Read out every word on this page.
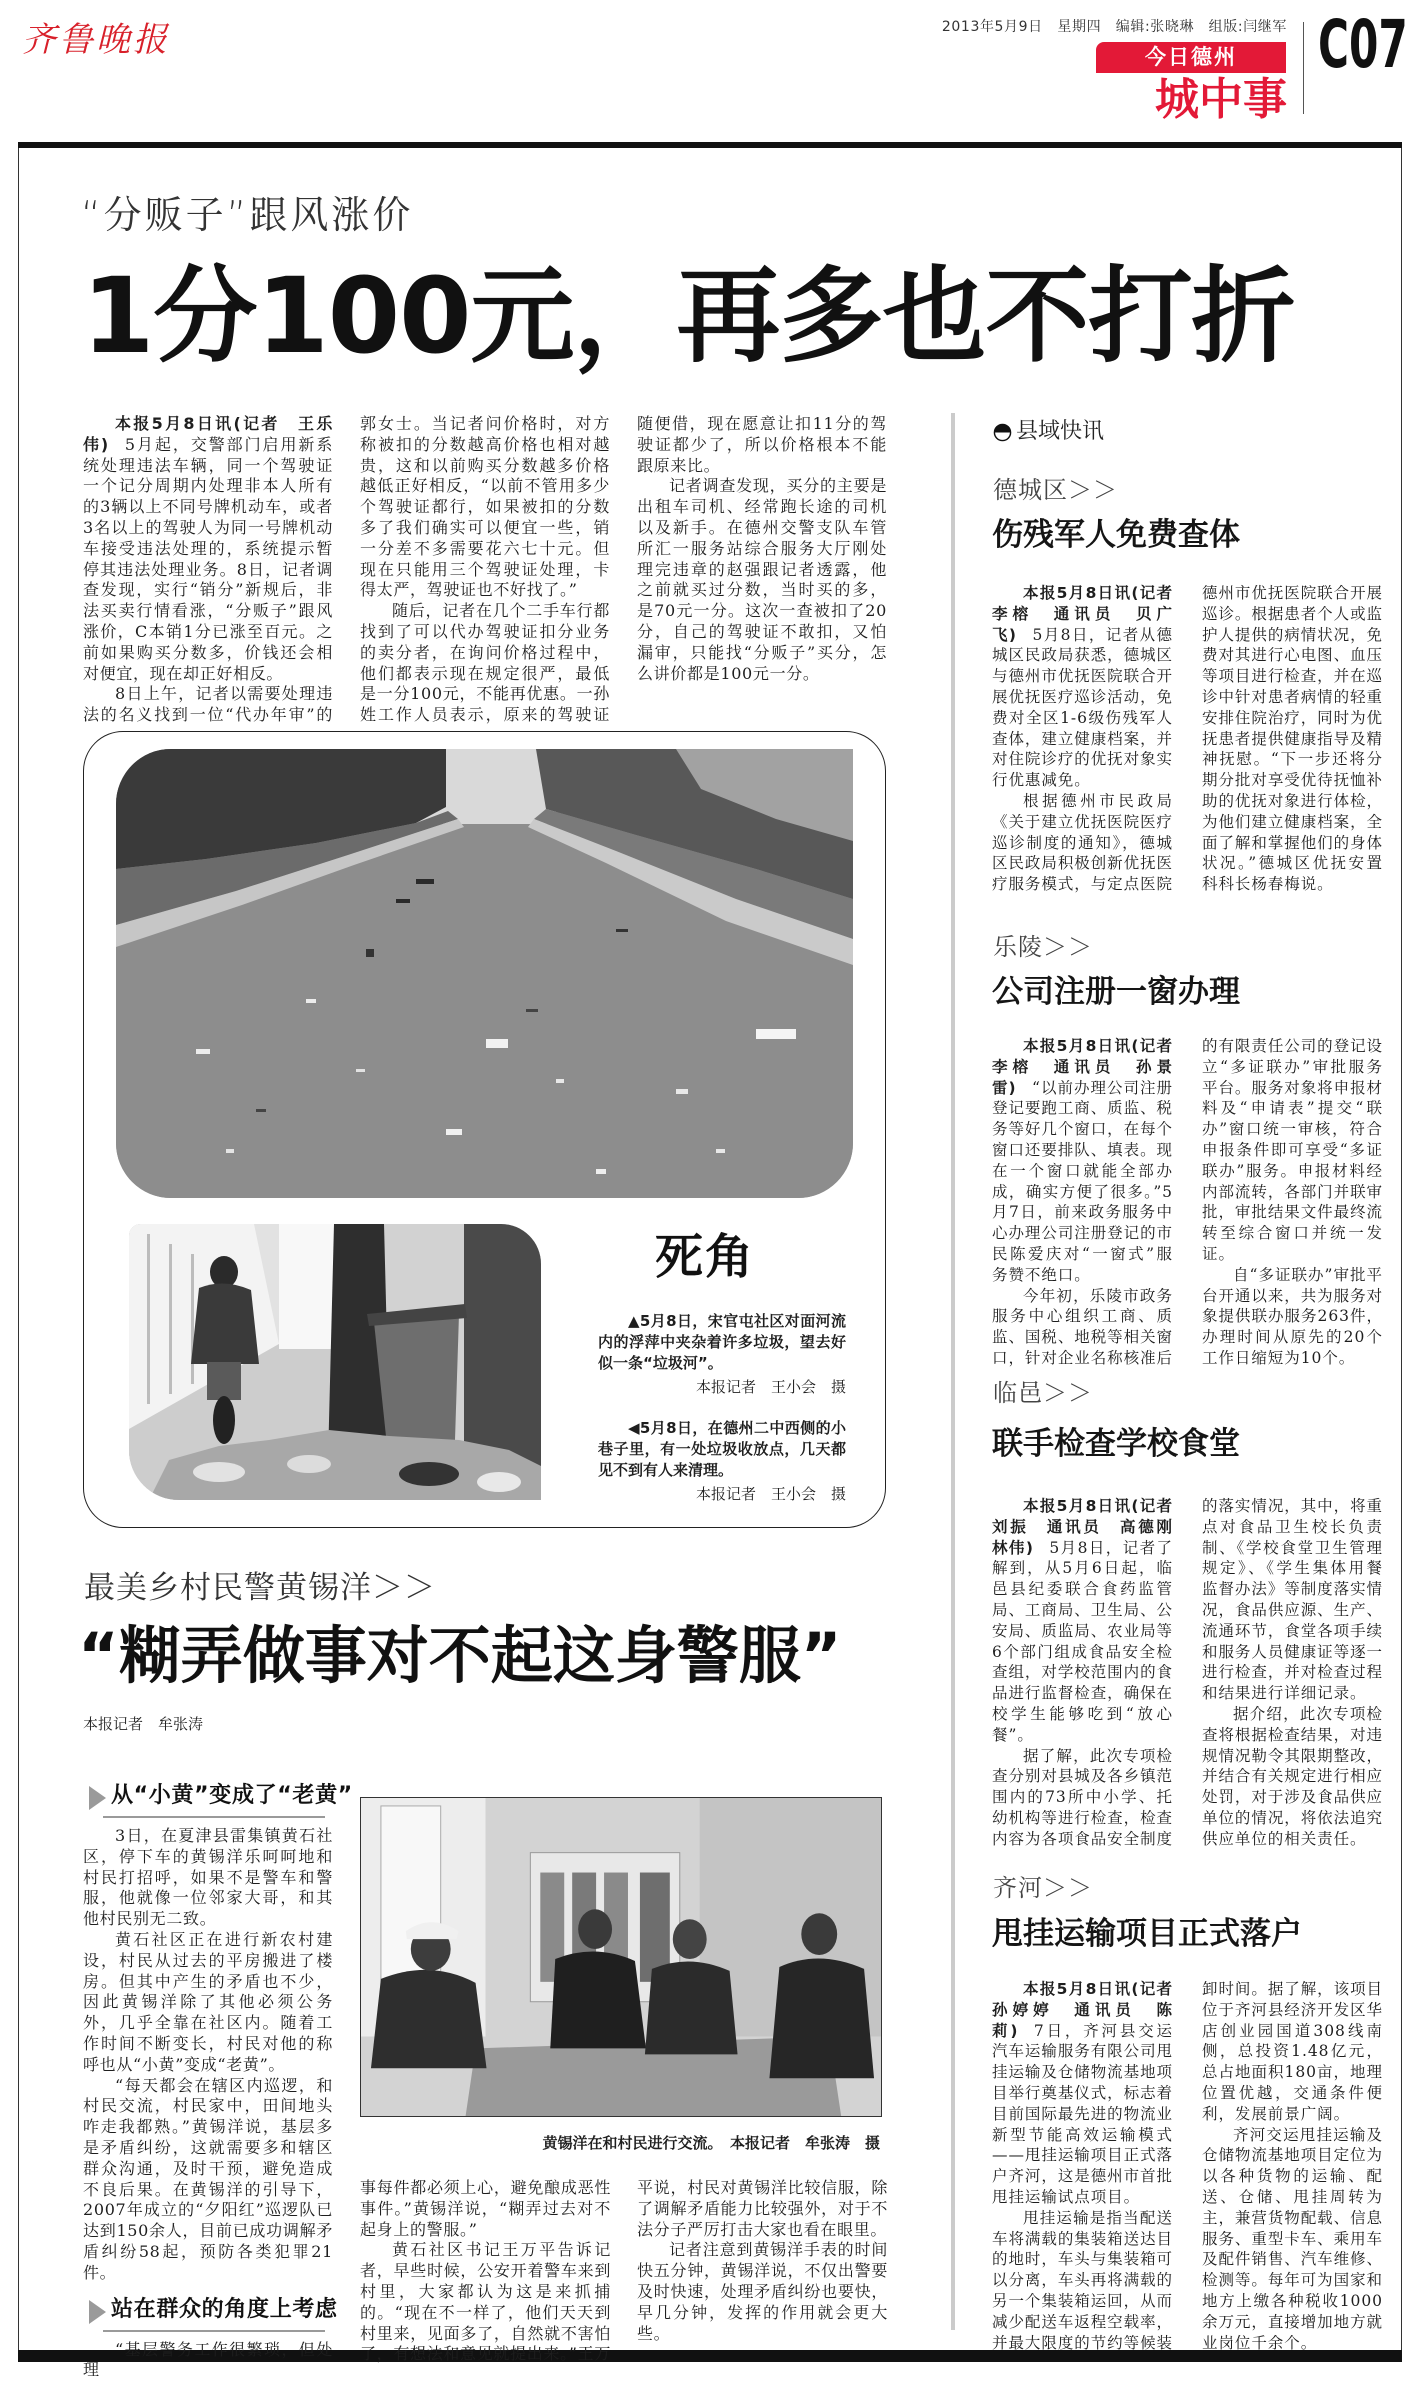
齐鲁晚报	2013年5月9日　星期四　编辑:张晓琳　组版:闫继军
今日德州
城中事
C07
“分贩子”跟风涨价
1分100元，再多也不打折

本报5月8日讯(记者　王乐伟) 5月起，交警部门启用新系统处理违法车辆，同一个驾驶证一个记分周期内处理非本人所有的3辆以上不同号牌机动车，或者3名以上的驾驶人为同一号牌机动车接受违法处理的，系统提示暂停其违法处理业务。8日，记者调查发现，实行“销分”新规后，非法买卖行情看涨，“分贩子”跟风涨价，C本销1分已涨至百元。之前如果购买分数多，价钱还会相对便宜，现在却正好相反。

8日上午，记者以需要处理违法的名义找到一位“代办年审”的郭女士。当记者问价格时，对方称被扣的分数越高价格也相对越贵，这和以前购买分数越多价格越低正好相反，“以前不管用多少个驾驶证都行，如果被扣的分数多了我们确实可以便宜一些，销一分差不多需要花六七十元。但现在只能用三个驾驶证处理，卡得太严，驾驶证也不好找了。”

随后，记者在几个二手车行都找到了可以代办驾驶证扣分业务的卖分者，在询问价格过程中，他们都表示现在规定很严，最低是一分100元，不能再优惠。一孙姓工作人员表示，原来的驾驶证随便借，现在愿意让扣11分的驾驶证都少了，所以价格根本不能跟原来比。

记者调查发现，买分的主要是出租车司机、经常跑长途的司机以及新手。在德州交警支队车管所汇一服务站综合服务大厅刚处理完违章的赵强跟记者透露，他之前就买过分数，当时买的多，是70元一分。这次一查被扣了20分，自己的驾驶证不敢扣，又怕漏审，只能找“分贩子”买分，怎么讲价都是100元一分。

死角

▲5月8日，宋官屯社区对面河流内的浮萍中夹杂着许多垃圾，望去好似一条“垃圾河”。

本报记者　王小会　摄

◀5月8日，在德州二中西侧的小巷子里，有一处垃圾收放点，几天都见不到有人来清理。

本报记者　王小会　摄
最美乡村民警黄锡洋＞＞
“糊弄做事对不起这身警服”
本报记者　牟张涛
从“小黄”变成了“老黄”

3日，在夏津县雷集镇黄石社区，停下车的黄锡洋乐呵呵地和村民打招呼，如果不是警车和警服，他就像一位邻家大哥，和其他村民别无二致。

黄石社区正在进行新农村建设，村民从过去的平房搬进了楼房。但其中产生的矛盾也不少，因此黄锡洋除了其他必须公务外，几乎全靠在社区内。随着工作时间不断变长，村民对他的称呼也从“小黄”变成“老黄”。

“每天都会在辖区内巡逻，和村民交流，村民家中，田间地头咋走我都熟。”黄锡洋说，基层多是矛盾纠纷，这就需要多和辖区群众沟通，及时干预，避免造成不良后果。在黄锡洋的引导下，2007年成立的“夕阳红”巡逻队已达到150余人，目前已成功调解矛盾纠纷58起，预防各类犯罪21件。

站在群众的角度上考虑

“基层警务工作很繁琐，但处理

黄锡洋在和村民进行交流。　本报记者　牟张涛　摄

事每件都必须上心，避免酿成恶性事件。”黄锡洋说，“糊弄过去对不起身上的警服。”

黄石社区书记王万平告诉记者，早些时候，公安开着警车来到村里，大家都认为这是来抓捕的。“现在不一样了，他们天天到村里来，见面多了，自然就不害怕了，有想法和意见就提出来。”王万平说，村民对黄锡洋比较信服，除了调解矛盾能力比较强外，对于不法分子严厉打击大家也看在眼里。

记者注意到黄锡洋手表的时间快五分钟，黄锡洋说，不仅出警要及时快速，处理矛盾纠纷也要快，早几分钟，发挥的作用就会更大些。

县域快讯
德城区＞＞
伤残军人免费查体

本报5月8日讯(记者　李榕　通讯员　贝广飞) 5月8日，记者从德城区民政局获悉，德城区与德州市优抚医院联合开展优抚医疗巡诊活动，免费对全区1-6级伤残军人查体，建立健康档案，并对住院诊疗的优抚对象实行优惠减免。

根据德州市民政局《关于建立优抚医院医疗巡诊制度的通知》，德城区民政局积极创新优抚医疗服务模式，与定点医院德州市优抚医院联合开展巡诊。根据患者个人或监护人提供的病情状况，免费对其进行心电图、血压等项目进行检查，并在巡诊中针对患者病情的轻重安排住院治疗，同时为优抚患者提供健康指导及精神抚慰。“下一步还将分期分批对享受优待抚恤补助的优抚对象进行体检，为他们建立健康档案，全面了解和掌握他们的身体状况。”德城区优抚安置科科长杨春梅说。

乐陵＞＞
公司注册一窗办理

本报5月8日讯(记者　李榕　通讯员　孙景雷) “以前办理公司注册登记要跑工商、质监、税务等好几个窗口，在每个窗口还要排队、填表。现在一个窗口就能全部办成，确实方便了很多。”5月7日，前来政务服务中心办理公司注册登记的市民陈爱庆对“一窗式”服务赞不绝口。

今年初，乐陵市政务服务中心组织工商、质监、国税、地税等相关窗口，针对企业名称核准后的有限责任公司的登记设立“多证联办”审批服务平台。服务对象将申报材料及“申请表”提交“联办”窗口统一审核，符合申报条件即可享受“多证联办”服务。申报材料经内部流转，各部门并联审批，审批结果文件最终流转至综合窗口并统一发证。

自“多证联办”审批平台开通以来，共为服务对象提供联办服务263件，办理时间从原先的20个工作日缩短为10个。

临邑＞＞
联手检查学校食堂

本报5月8日讯(记者　刘振　通讯员　高德刚　林伟) 5月8日，记者了解到，从5月6日起，临邑县纪委联合食药监管局、工商局、卫生局、公安局、质监局、农业局等6个部门组成食品安全检查组，对学校范围内的食品进行监督检查，确保在校学生能够吃到“放心餐”。

据了解，此次专项检查分别对县城及各乡镇范围内的73所中小学、托幼机构等进行检查，检查内容为各项食品安全制度的落实情况，其中，将重点对食品卫生校长负责制、《学校食堂卫生管理规定》、《学生集体用餐监督办法》等制度落实情况，食品供应源、生产、流通环节，食堂各项手续和服务人员健康证等逐一进行检查，并对检查过程和结果进行详细记录。

据介绍，此次专项检查将根据检查结果，对违规情况勒令其限期整改，并结合有关规定进行相应处罚，对于涉及食品供应单位的情况，将依法追究供应单位的相关责任。

齐河＞＞
甩挂运输项目正式落户

本报5月8日讯(记者　孙婷婷　通讯员　陈莉) 7日，齐河县交运汽车运输服务有限公司甩挂运输及仓储物流基地项目举行奠基仪式，标志着目前国际最先进的物流业新型节能高效运输模式——甩挂运输项目正式落户齐河，这是德州市首批甩挂运输试点项目。

甩挂运输是指当配送车将满载的集装箱送达目的地时，车头与集装箱可以分离，车头再将满载的另一个集装箱运回，从而减少配送车返程空载率，并最大限度的节约等候装卸时间。据了解，该项目位于齐河县经济开发区华店创业园国道308线南侧，总投资1.48亿元，总占地面积180亩，地理位置优越，交通条件便利，发展前景广阔。

齐河交运甩挂运输及仓储物流基地项目定位为以各种货物的运输、配送、仓储、甩挂周转为主，兼营货物配载、信息服务、重型卡车、乘用车及配件销售、汽车维修、检测等。每年可为国家和地方上缴各种税收1000余万元，直接增加地方就业岗位千余个。
